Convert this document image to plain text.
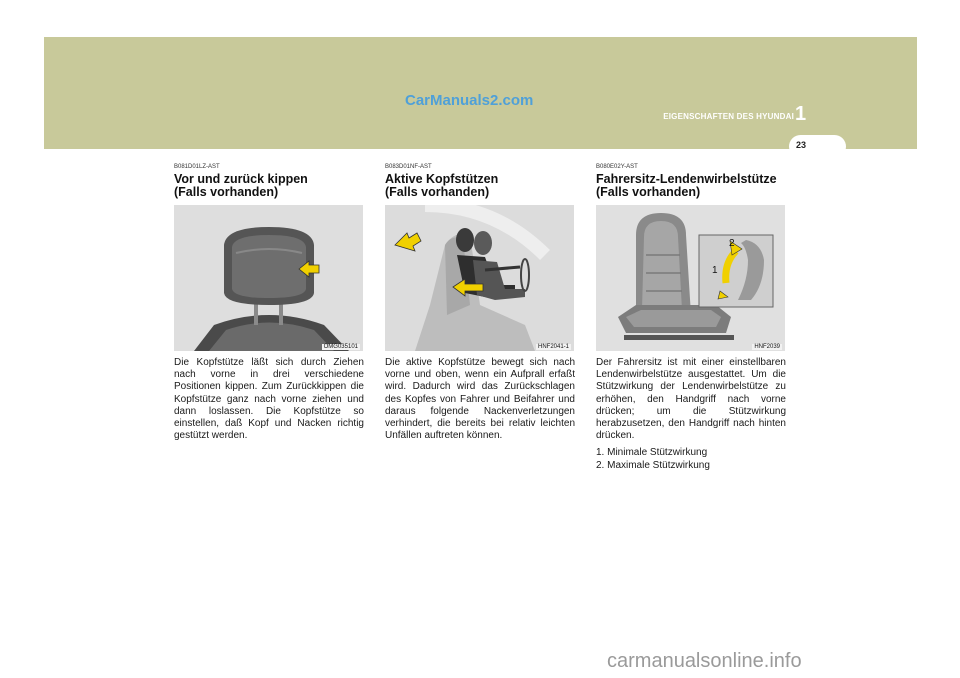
CarManuals2.com
EIGENSCHAFTEN DES HYUNDAI 1
23
B081D01LZ-AST
Vor und zurück kippen
(Falls vorhanden)
OMG035101
Die Kopfstütze läßt sich durch Ziehen nach vorne in drei verschiedene Positionen kippen. Zum Zurückkippen die Kopfstütze ganz nach vorne ziehen und dann loslassen. Die Kopfstütze so einstellen, daß Kopf und Nacken richtig gestützt werden.
B083D01NF-AST
Aktive Kopfstützen
(Falls vorhanden)
HNF2041-1
Die aktive Kopfstütze bewegt sich nach vorne und oben, wenn ein Aufprall erfaßt wird. Dadurch wird das Zurückschlagen des Kopfes von Fahrer und Beifahrer und daraus folgende Nackenverletzungen verhindert, die bereits bei relativ leichten Unfällen auftreten können.
B080E02Y-AST
Fahrersitz-Lendenwirbelstütze
(Falls vorhanden)
1
2
HNF2039
Der Fahrersitz ist mit einer einstellbaren Lendenwirbelstütze ausgestattet. Um die Stützwirkung der Lendenwirbelstütze zu erhöhen, den Handgriff nach vorne drücken; um die Stützwirkung herabzusetzen, den Handgriff nach hinten drücken.
1. Minimale Stützwirkung
2. Maximale Stützwirkung
carmanualsonline.info
